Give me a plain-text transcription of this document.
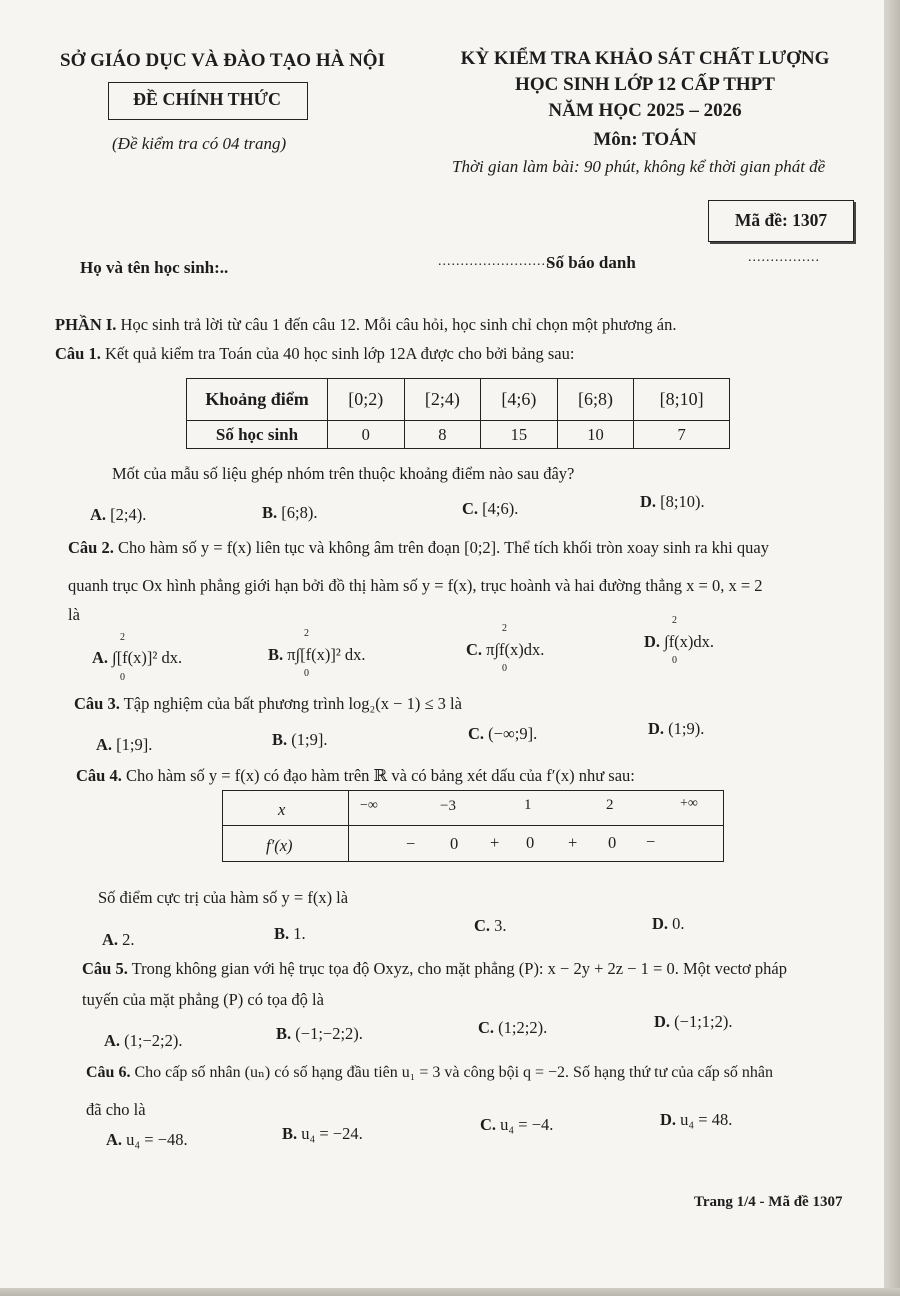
SỞ GIÁO DỤC VÀ ĐÀO TẠO HÀ NỘI
ĐỀ CHÍNH THỨC
(Đề kiểm tra có 04 trang)
KỲ KIỂM TRA KHẢO SÁT CHẤT LƯỢNG
HỌC SINH LỚP 12 CẤP THPT
NĂM HỌC 2025 – 2026
Môn: TOÁN
Thời gian làm bài: 90 phút, không kể thời gian phát đề
Mã đề: 1307
Họ và tên học sinh:..	..........................
Số báo danh	................
PHẦN I. Học sinh trả lời từ câu 1 đến câu 12. Mỗi câu hỏi, học sinh chỉ chọn một phương án.
Câu 1. Kết quả kiểm tra Toán của 40 học sinh lớp 12A được cho bởi bảng sau:
Khoảng điểm	[0;2)	[2;4)	[4;6)	[6;8)	[8;10]
Số học sinh	0	8	15	10	7
Mốt của mẫu số liệu ghép nhóm trên thuộc khoảng điểm nào sau đây?
A. [2;4).	B. [6;8).	C. [4;6).	D. [8;10).
Câu 2. Cho hàm số y = f(x) liên tục và không âm trên đoạn [0;2]. Thể tích khối tròn xoay sinh ra khi quay
quanh trục Ox hình phẳng giới hạn bởi đồ thị hàm số y = f(x), trục hoành và hai đường thẳng x = 0, x = 2
là
A. ∫[f(x)]² dx.
2
0
B. π∫[f(x)]² dx.
2
0
C. π∫f(x)dx.
2
0
D. ∫f(x)dx.
2
0
Câu 3. Tập nghiệm của bất phương trình log₂(x − 1) ≤ 3 là
A. [1;9].	B. (1;9].	C. (−∞;9].	D. (1;9).
Câu 4. Cho hàm số y = f(x) có đạo hàm trên ℝ và có bảng xét dấu của f′(x) như sau:
x	−∞	−3	1	2	+∞
f′(x)	− 0 + 0 + 0 −
Số điểm cực trị của hàm số y = f(x) là
A. 2.	B. 1.	C. 3.	D. 0.
Câu 5. Trong không gian với hệ trục tọa độ Oxyz, cho mặt phẳng (P): x − 2y + 2z − 1 = 0. Một vectơ pháp
tuyến của mặt phẳng (P) có tọa độ là
A. (1;−2;2).	B. (−1;−2;2).	C. (1;2;2).	D. (−1;1;2).
Câu 6. Cho cấp số nhân (uₙ) có số hạng đầu tiên u₁ = 3 và công bội q = −2. Số hạng thứ tư của cấp số nhân
đã cho là
A. u₄ = −48.	B. u₄ = −24.	C. u₄ = −4.	D. u₄ = 48.
Trang 1/4 - Mã đề 1307
